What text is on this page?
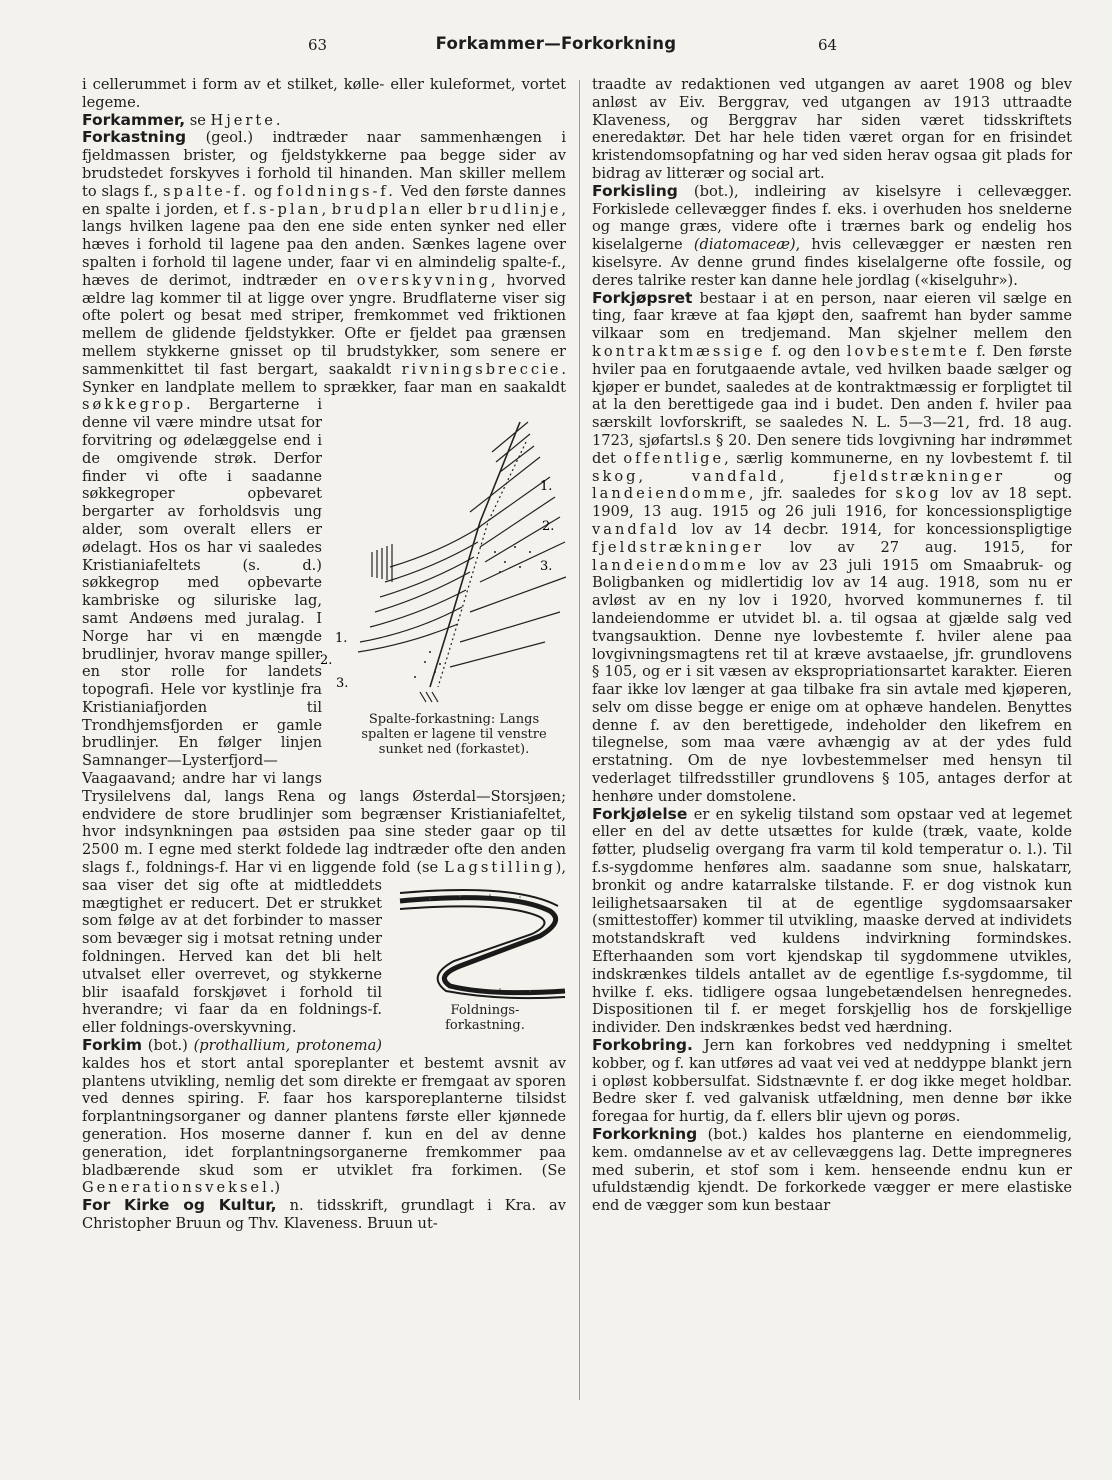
63	Forkammer—Forkorkning	64

i cellerummet i form av et stilket, kølle- eller kuleformet, vortet legeme.

Forkammer, se Hjerte.

Forkastning (geol.) indtræder naar sammenhængen i fjeldmassen brister, og fjeldstykkerne paa begge sider av brudstedet forskyves i forhold til hinanden. Man skiller mellem to slags f., spalte-f. og foldnings-f. Ved den første dannes en spalte i jorden, et f.s-plan, brudplan eller brudlinje, langs hvilken lagene paa den ene side enten synker ned eller hæves i forhold til lagene paa den anden. Sænkes lagene over spalten i forhold til lagene under, faar vi en almindelig spalte-f., hæves de derimot, indtræder en overskyvning, hvorved ældre lag kommer til at ligge over yngre. Brudflaterne viser sig ofte polert og besat med striper, fremkommet ved friktionen mellem de glidende fjeldstykker. Ofte er fjeldet paa grænsen mellem stykkerne gnisset op til brudstykker, som senere er sammenkittet til fast bergart, saakaldt rivningsbreccie. Synker en landplate mellem to sprækker, faar man en saakaldt søkkegrop
1.
2.
3.
1.
2.
3.
Spalte-forkastning: Langs spalten er lagene til venstre sunket ned (forkastet).
. Bergarterne i denne vil være mindre utsat for forvitring og ødelæggelse end i de omgivende strøk. Derfor finder vi ofte i saadanne søkkegroper opbevaret bergarter av forholdsvis ung alder, som overalt ellers er ødelagt. Hos os har vi saaledes Kristianiafeltets (s. d.) søkkegrop med opbevarte kambriske og siluriske lag, samt Andøens med juralag. I Norge har vi en mængde brudlinjer, hvorav mange spiller en stor rolle for landets topografi. Hele vor kystlinje fra Kristianiafjorden til Trondhjemsfjorden er gamle brudlinjer. En følger linjen Samnanger—Lysterfjord—Vaagaavand; andre har vi langs Trysilelvens dal, langs Rena og langs Østerdal—Storsjøen; endvidere de store brudlinjer som begrænser Kristianiafeltet, hvor indsynkningen paa østsiden paa sine steder gaar op til 2500 m. I egne med sterkt foldede lag indtræder ofte den anden slags f., foldnings-f. Har vi en liggende fold (se Lagstilling
Foldnings-forkastning.
), saa viser det sig ofte at midtleddets mægtighet er reducert. Det er strukket som følge av at det forbinder to masser som bevæger sig i motsat retning under foldningen. Herved kan det bli helt utvalset eller overrevet, og stykkerne blir isaafald forskjøvet i forhold til hverandre; vi faar da en foldnings-f. eller foldnings-overskyvning.

Forkim (bot.) (prothallium, protonema) kaldes hos et stort antal sporeplanter et bestemt avsnit av plantens utvikling, nemlig det som direkte er fremgaat av sporen ved dennes spiring. F. faar hos karsporeplanterne tilsidst forplantningsorganer og danner plantens første eller kjønnede generation. Hos moserne danner f. kun en del av denne generation, idet forplantningsorganerne fremkommer paa bladbærende skud som er utviklet fra forkimen. (Se Generationsveksel.)

For Kirke og Kultur, n. tidsskrift, grundlagt i Kra. av Christopher Bruun og Thv. Klaveness. Bruun ut-

traadte av redaktionen ved utgangen av aaret 1908 og blev anløst av Eiv. Berggrav, ved utgangen av 1913 uttraadte Klaveness, og Berggrav har siden været tidsskriftets eneredaktør. Det har hele tiden været organ for en frisindet kristendomsopfatning og har ved siden herav ogsaa git plads for bidrag av litterær og social art.

Forkisling (bot.), indleiring av kiselsyre i cellevægger. Forkislede cellevægger findes f. eks. i overhuden hos snelderne og mange græs, videre ofte i trærnes bark og endelig hos kiselalgerne (diatomaceæ), hvis cellevægger er næsten ren kiselsyre. Av denne grund findes kiselalgerne ofte fossile, og deres talrike rester kan danne hele jordlag («kiselguhr»).

Forkjøpsret bestaar i at en person, naar eieren vil sælge en ting, faar kræve at faa kjøpt den, saafremt han byder samme vilkaar som en tredjemand. Man skjelner mellem den kontraktmæssige f. og den lovbestemte f. Den første hviler paa en forutgaaende avtale, ved hvilken baade sælger og kjøper er bundet, saaledes at de kontraktmæssig er forpligtet til at la den berettigede gaa ind i budet. Den anden f. hviler paa særskilt lovforskrift, se saaledes N. L. 5—3—21, frd. 18 aug. 1723, sjøfartsl.s § 20. Den senere tids lovgivning har indrømmet det offentlige, særlig kommunerne, en ny lovbestemt f. til skog, vandfald, fjeldstrækninger og landeiendomme, jfr. saaledes for skog lov av 18 sept. 1909, 13 aug. 1915 og 26 juli 1916, for koncessionspligtige vandfald lov av 14 decbr. 1914, for koncessionspligtige fjeldstrækninger lov av 27 aug. 1915, for landeiendomme lov av 23 juli 1915 om Smaabruk- og Boligbanken og midlertidig lov av 14 aug. 1918, som nu er avløst av en ny lov i 1920, hvorved kommunernes f. til landeiendomme er utvidet bl. a. til ogsaa at gjælde salg ved tvangsauktion. Denne nye lovbestemte f. hviler alene paa lovgivningsmagtens ret til at kræve avstaaelse, jfr. grundlovens § 105, og er i sit væsen av ekspropriationsartet karakter. Eieren faar ikke lov længer at gaa tilbake fra sin avtale med kjøperen, selv om disse begge er enige om at ophæve handelen. Benyttes denne f. av den berettigede, indeholder den likefrem en tilegnelse, som maa være avhængig av at der ydes fuld erstatning. Om de nye lovbestemmelser med hensyn til vederlaget tilfredsstiller grundlovens § 105, antages derfor at henhøre under domstolene.

Forkjølelse er en sykelig tilstand som opstaar ved at legemet eller en del av dette utsættes for kulde (træk, vaate, kolde føtter, pludselig overgang fra varm til kold temperatur o. l.). Til f.s-sygdomme henføres alm. saadanne som snue, halskatarr, bronkit og andre katarralske tilstande. F. er dog vistnok kun leilighetsaarsaken til at de egentlige sygdomsaarsaker (smittestoffer) kommer til utvikling, maaske derved at individets motstandskraft ved kuldens indvirkning formindskes. Efterhaanden som vort kjendskap til sygdommene utvikles, indskrænkes tildels antallet av de egentlige f.s-sygdomme, til hvilke f. eks. tidligere ogsaa lungebetændelsen henregnedes. Dispositionen til f. er meget forskjellig hos de forskjellige individer. Den indskrænkes bedst ved hærdning.

Forkobring. Jern kan forkobres ved neddypning i smeltet kobber, og f. kan utføres ad vaat vei ved at neddyppe blankt jern i opløst kobbersulfat. Sidstnævnte f. er dog ikke meget holdbar. Bedre sker f. ved galvanisk utfældning, men denne bør ikke foregaa for hurtig, da f. ellers blir ujevn og porøs.

Forkorkning (bot.) kaldes hos planterne en eiendommelig, kem. omdannelse av et av cellevæggens lag. Dette impregneres med suberin, et stof som i kem. henseende endnu kun er ufuldstændig kjendt. De forkorkede vægger er mere elastiske end de vægger som kun bestaar
